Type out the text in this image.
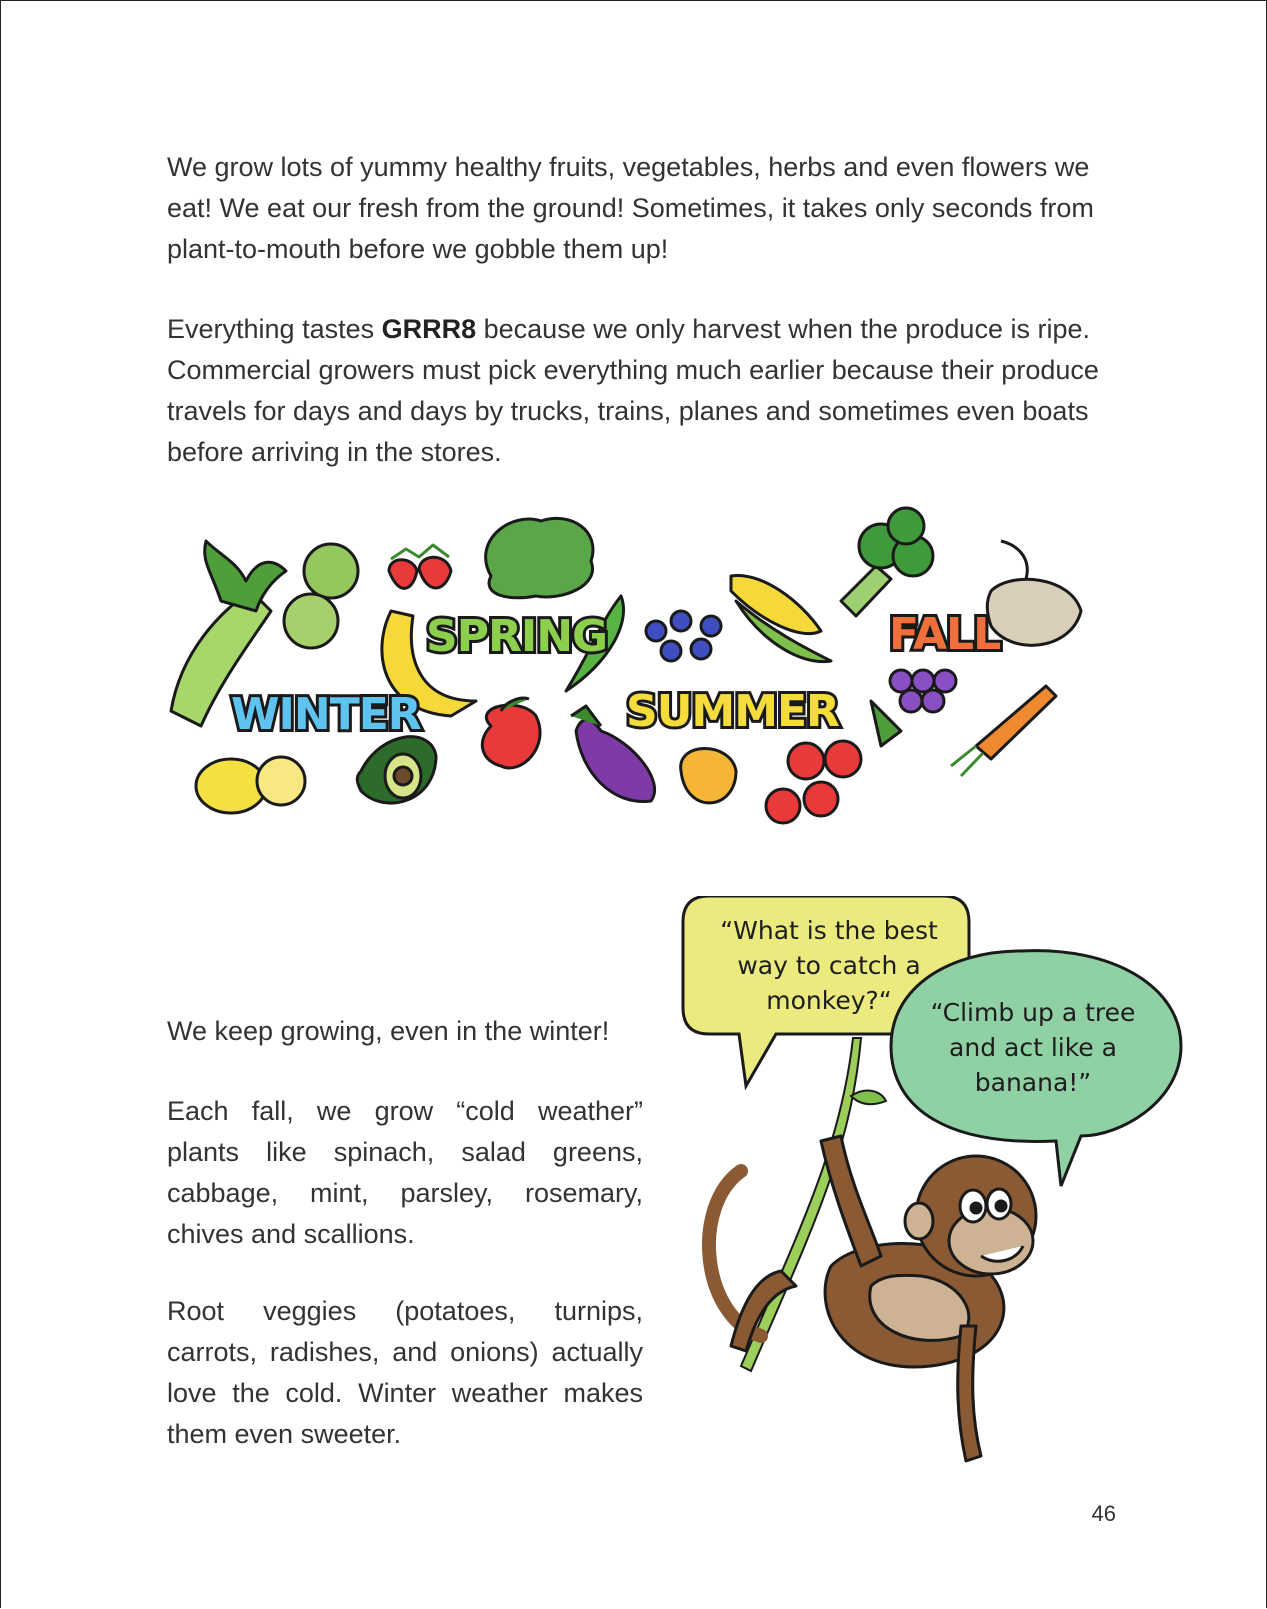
We grow lots of yummy healthy fruits, vegetables, herbs and even flowers we eat! We eat our fresh from the ground! Sometimes, it takes only seconds from plant-to-mouth before we gobble them up!

Everything tastes GRRR8 because we only harvest when the produce is ripe. Commercial growers must pick everything much earlier because their produce travels for days and days by trucks, trains, planes and sometimes even boats before arriving in the stores.

WINTER
SPRING
SUMMER
FALL

We keep growing, even in the winter!

Each fall, we grow “cold weather” plants like spinach, salad greens, cabbage, mint, parsley, rosemary, chives and scallions.

Root veggies (potatoes, turnips, carrots, radishes, and onions) actually love the cold. Winter weather makes them even sweeter.

“What is the best
way to catch a
monkey?“ “Climb up a tree
and act like a
banana!”
46
